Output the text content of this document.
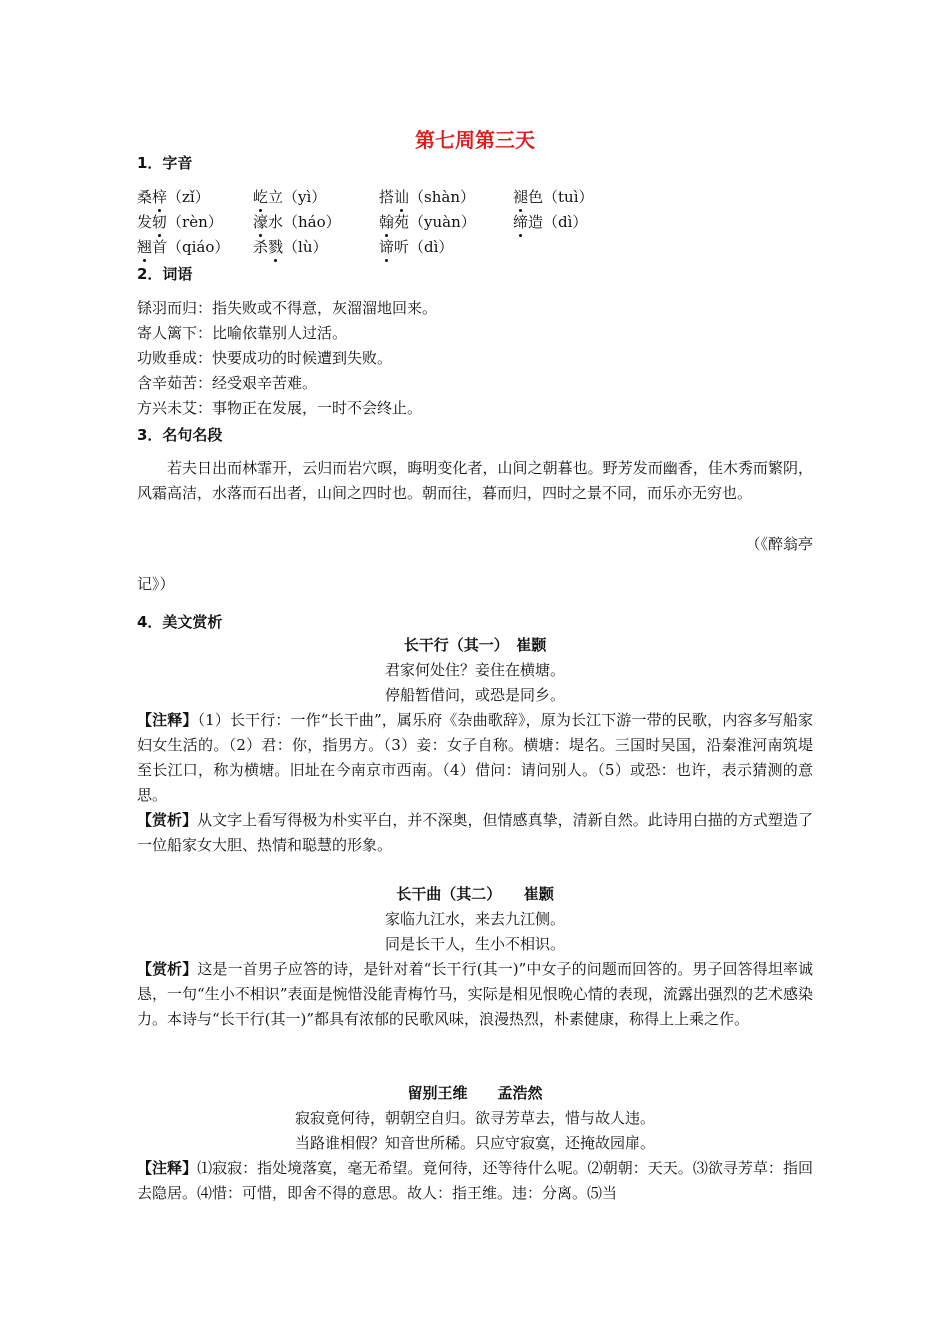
第七周第三天
1．字音
桑梓（zǐ）	屹立（yì）	搭讪（shàn）	褪色（tuì）
发轫（rèn） 濠水（háo）	翰苑（yuàn） 缔造（dì）
翘首（qiáo） 杀戮（lù）	谛听（dì）
2．词语
铩羽而归：指失败或不得意，灰溜溜地回来。
寄人篱下：比喻依靠别人过活。
功败垂成：快要成功的时候遭到失败。
含辛茹苦：经受艰辛苦难。
方兴未艾：事物正在发展，一时不会终止。
3．名句名段
若夫日出而林霏开，云归而岩穴暝，晦明变化者，山间之朝暮也。野芳发而幽香，佳木秀而繁阴，风霜高洁，水落而石出者，山间之四时也。朝而往，暮而归，四时之景不同，而乐亦无穷也。
（《醉翁亭
记》）
4．美文赏析
长干行（其一）　崔颢
君家何处住？妾住在横塘。
停船暂借问，或恐是同乡。
【注释】（1）长干行：一作“长干曲”，属乐府《杂曲歌辞》，原为长江下游一带的民歌，内容多写船家妇女生活的。（2）君：你，指男方。（3）妾：女子自称。横塘：堤名。三国时吴国，沿秦淮河南筑堤至长江口，称为横塘。旧址在今南京市西南。（4）借问：请问别人。（5）或恐：也许，表示猜测的意思。
【赏析】从文字上看写得极为朴实平白，并不深奥，但情感真挚，清新自然。此诗用白描的方式塑造了一位船家女大胆、热情和聪慧的形象。
长干曲（其二）　　崔颢
家临九江水，来去九江侧。
同是长干人，生小不相识。
【赏析】这是一首男子应答的诗，是针对着“长干行(其一)”中女子的问题而回答的。男子回答得坦率诚恳，一句“生小不相识”表面是惋惜没能青梅竹马，实际是相见恨晚心情的表现，流露出强烈的艺术感染力。本诗与“长干行(其一)”都具有浓郁的民歌风味，浪漫热烈，朴素健康，称得上上乘之作。
留别王维　　孟浩然
寂寂竟何待，朝朝空自归。欲寻芳草去，惜与故人违。
当路谁相假？知音世所稀。只应守寂寞，还掩故园扉。
【注释】⑴寂寂：指处境落寞，毫无希望。竟何待，还等待什么呢。⑵朝朝：天天。⑶欲寻芳草：指回去隐居。⑷惜：可惜，即舍不得的意思。故人：指王维。违：分离。⑸当
